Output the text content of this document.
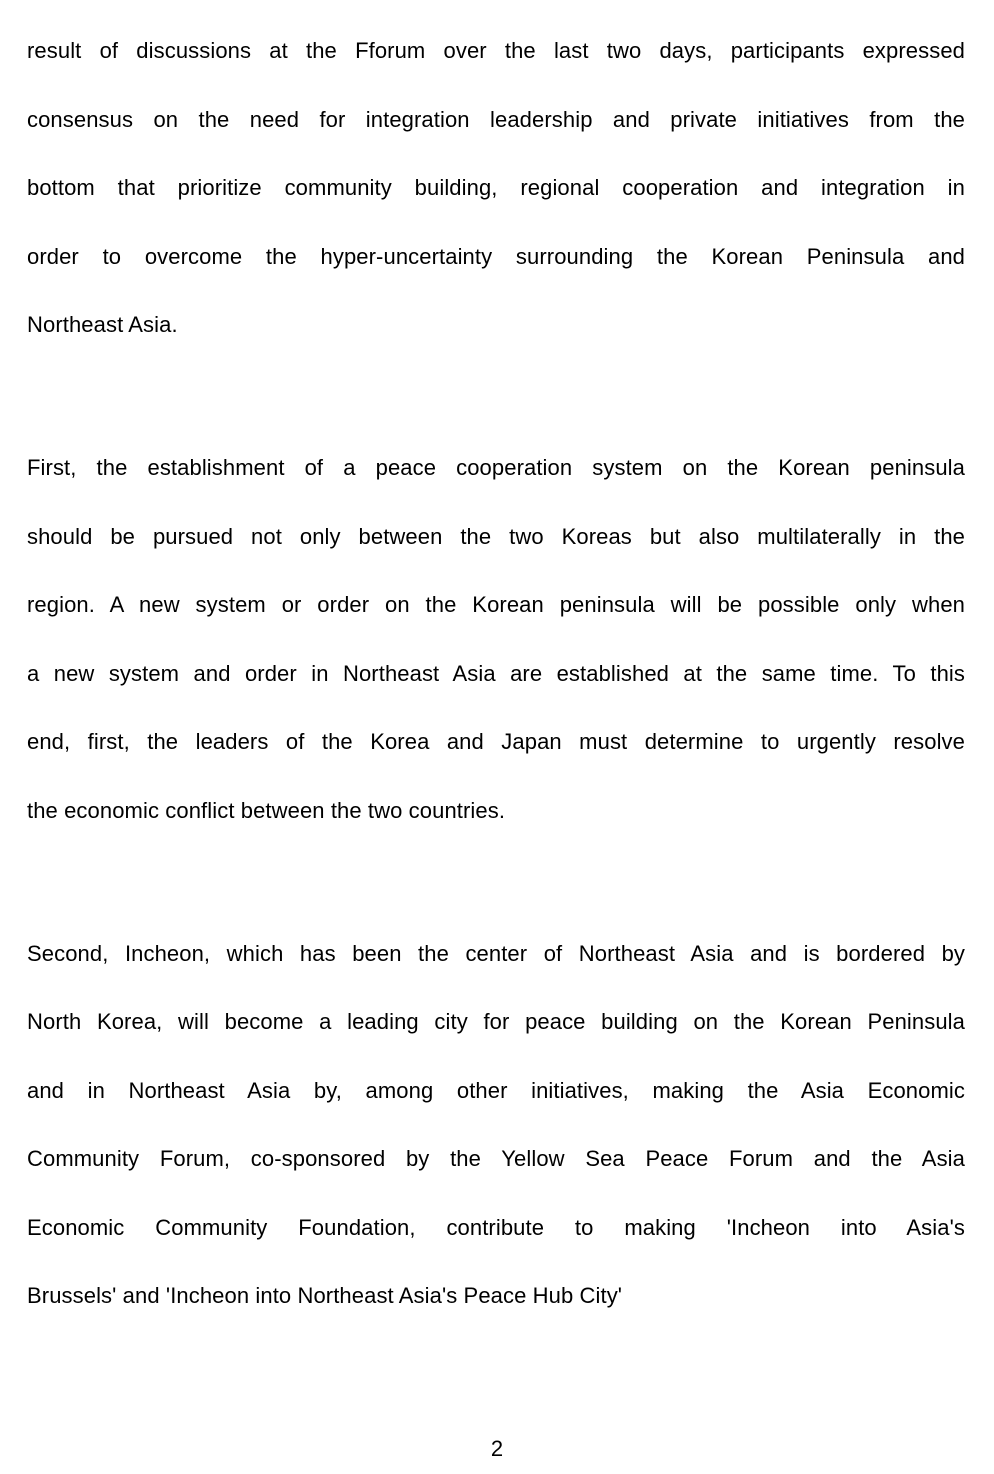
result of discussions at the Fforum over the last two days, participants expressed
consensus on the need for integration leadership and private initiatives from the
bottom that prioritize community building, regional cooperation and integration in
order to overcome the hyper-uncertainty surrounding the Korean Peninsula and
Northeast Asia.
First, the establishment of a peace cooperation system on the Korean peninsula
should be pursued not only between the two Koreas but also multilaterally in the
region. A new system or order on the Korean peninsula will be possible only when
a new system and order in Northeast Asia are established at the same time. To this
end, first, the leaders of the Korea and Japan must determine to urgently resolve
the economic conflict between the two countries.
Second, Incheon, which has been the center of Northeast Asia and is bordered by
North Korea, will become a leading city for peace building on the Korean Peninsula
and in Northeast Asia by, among other initiatives, making the Asia Economic
Community Forum, co-sponsored by the Yellow Sea Peace Forum and the Asia
Economic Community Foundation, contribute to making 'Incheon into Asia's
Brussels' and 'Incheon into Northeast Asia's Peace Hub City'
2
